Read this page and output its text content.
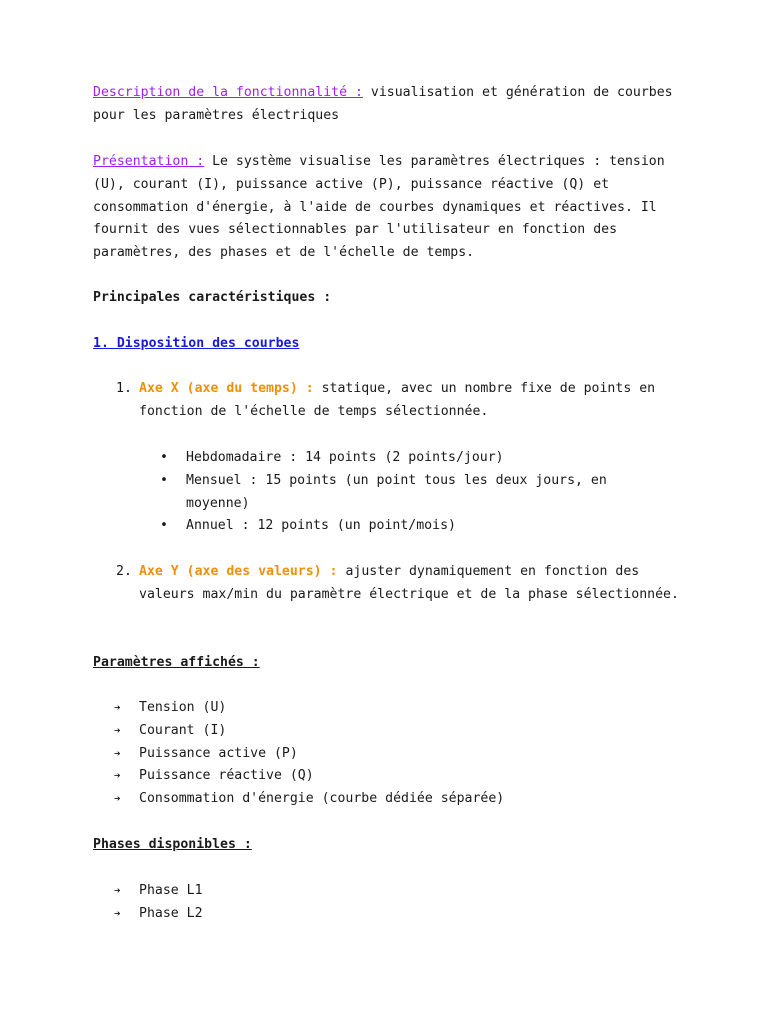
Description de la fonctionnalité : visualisation et génération de courbes pour les paramètres électriques

Présentation : Le système visualise les paramètres électriques : tension (U), courant (I), puissance active (P), puissance réactive (Q) et consommation d'énergie, à l'aide de courbes dynamiques et réactives. Il fournit des vues sélectionnables par l'utilisateur en fonction des paramètres, des phases et de l'échelle de temps.

Principales caractéristiques :

1. Disposition des courbes

1. Axe X (axe du temps) : statique, avec un nombre fixe de points en fonction de l'échelle de temps sélectionnée.
• Hebdomadaire : 14 points (2 points/jour)
• Mensuel : 15 points (un point tous les deux jours, en moyenne)
• Annuel : 12 points (un point/mois)
2. Axe Y (axe des valeurs) : ajuster dynamiquement en fonction des valeurs max/min du paramètre électrique et de la phase sélectionnée.

Paramètres affichés :

➔ Tension (U)
➔ Courant (I)
➔ Puissance active (P)
➔ Puissance réactive (Q)
➔ Consommation d'énergie (courbe dédiée séparée)

Phases disponibles :

➔ Phase L1
➔ Phase L2
